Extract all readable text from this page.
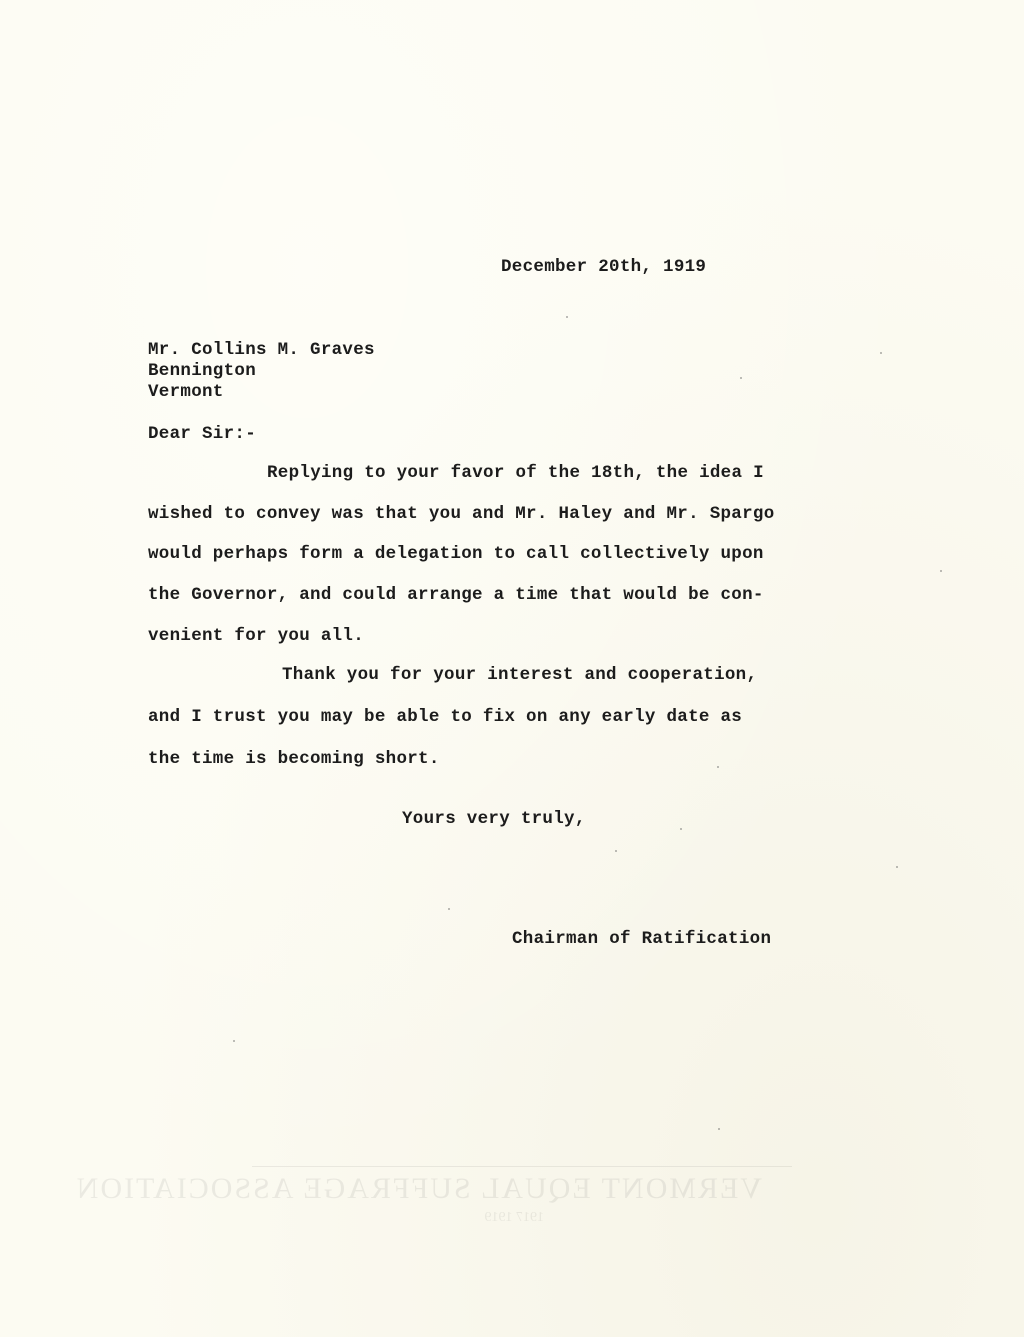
December 20th, 1919
Mr. Collins M. Graves
Bennington
Vermont
Dear Sir:-
Replying to your favor of the 18th, the idea I
wished to convey was that you and Mr. Haley and Mr. Spargo
would perhaps form a delegation to call collectively upon
the Governor, and could arrange a time that would be con-
venient for you all.
Thank you for your interest and cooperation,
and I trust you may be able to fix on any early date as
the time is becoming short.
Yours very truly,
Chairman of Ratification
VERMONT EQUAL SUFFRAGE ASSOCIATION
1917 1919
